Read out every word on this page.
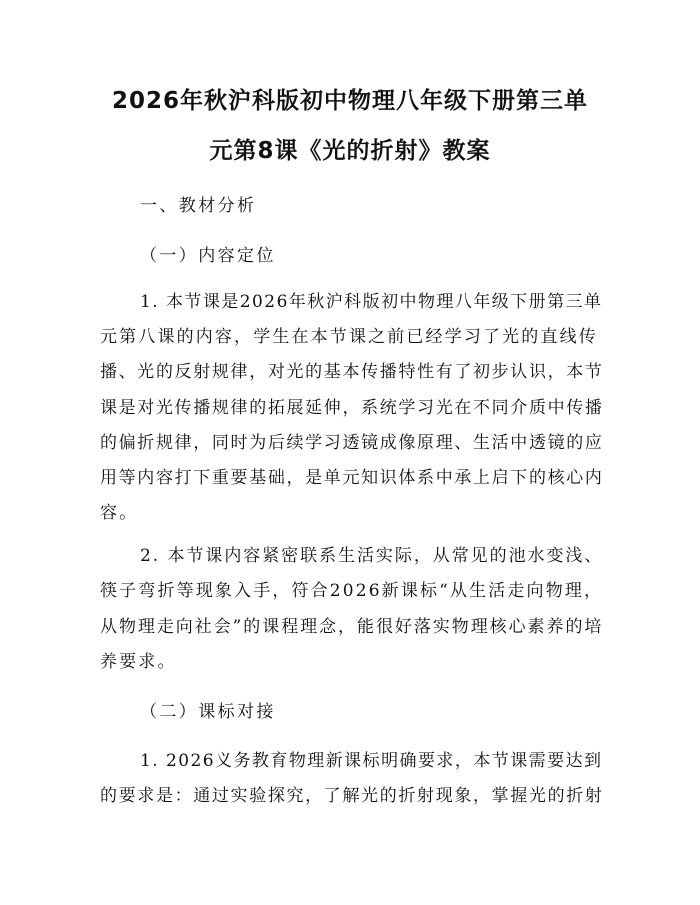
2026年秋沪科版初中物理八年级下册第三单
元第8课《光的折射》教案
一、教材分析
（一）内容定位
1. 本节课是2026年秋沪科版初中物理八年级下册第三单
元第八课的内容，学生在本节课之前已经学习了光的直线传
播、光的反射规律，对光的基本传播特性有了初步认识，本节
课是对光传播规律的拓展延伸，系统学习光在不同介质中传播
的偏折规律，同时为后续学习透镜成像原理、生活中透镜的应
用等内容打下重要基础，是单元知识体系中承上启下的核心内
容。
2. 本节课内容紧密联系生活实际，从常见的池水变浅、
筷子弯折等现象入手，符合2026新课标“从生活走向物理，
从物理走向社会”的课程理念，能很好落实物理核心素养的培
养要求。
（二）课标对接
1. 2026义务教育物理新课标明确要求，本节课需要达到
的要求是：通过实验探究，了解光的折射现象，掌握光的折射
